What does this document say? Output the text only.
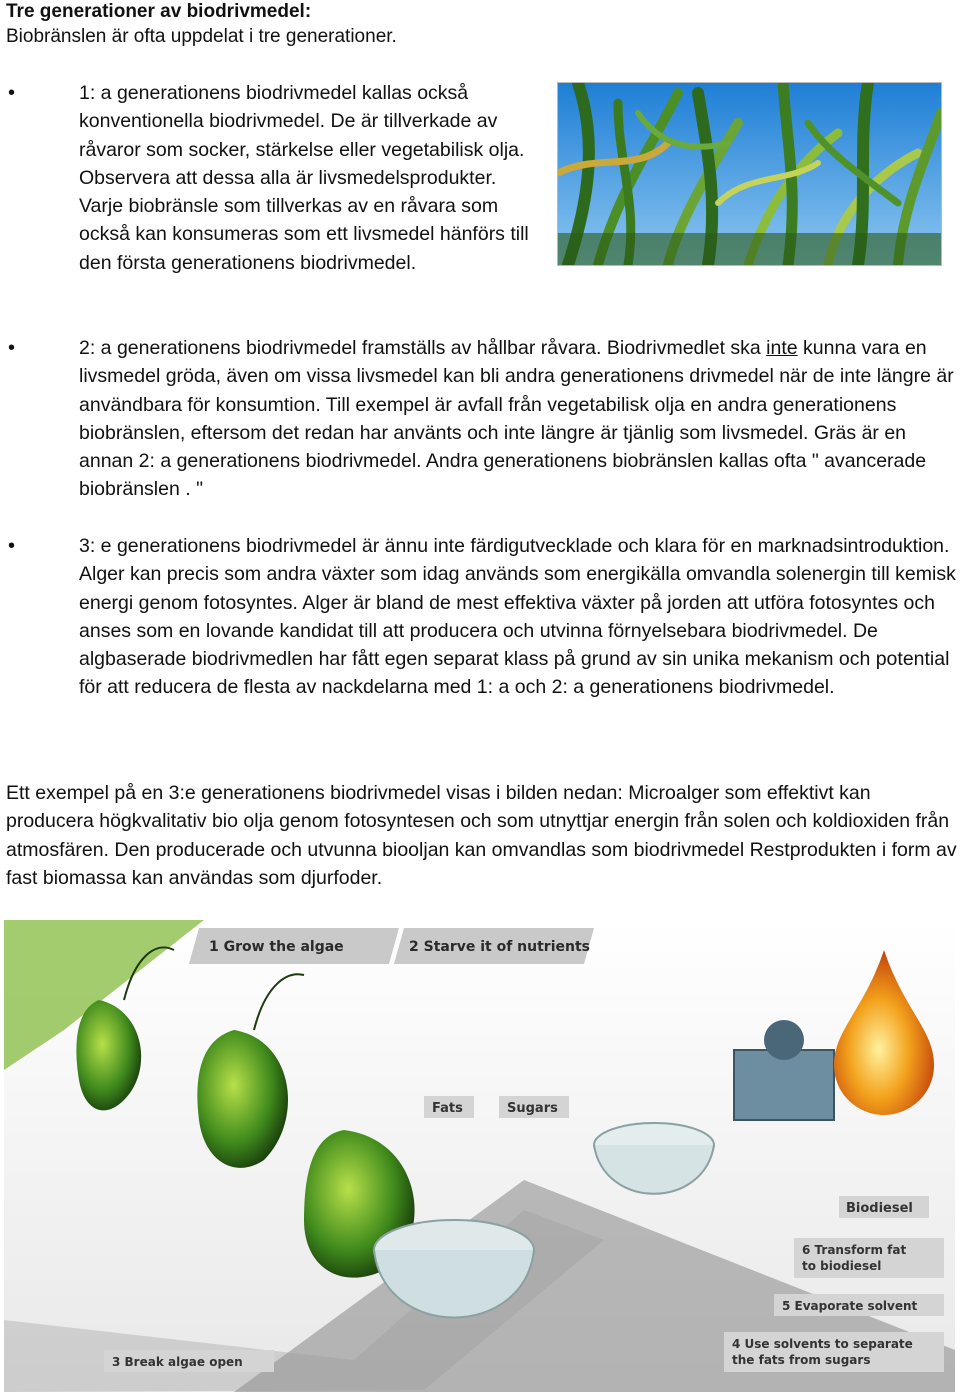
Tre generationer av biodrivmedel:
Biobränslen är ofta uppdelat i tre generationer.
•	1: a generationens biodrivmedel kallas också konventionella biodrivmedel. De är tillverkade av råvaror som socker, stärkelse eller vegetabilisk olja. Observera att dessa alla är livsmedelsprodukter. Varje biobränsle som tillverkas av en råvara som också kan konsumeras som ett livsmedel hänförs till den första generationens biodrivmedel.

•	2: a generationens biodrivmedel framställs av hållbar råvara. Biodrivmedlet ska inte kunna vara en livsmedel gröda, även om vissa livsmedel kan bli andra generationens drivmedel när de inte längre är användbara för konsumtion. Till exempel är avfall från vegetabilisk olja en andra generationens biobränslen, eftersom det redan har använts och inte längre är tjänlig som livsmedel. Gräs är en annan 2: a generationens biodrivmedel. Andra generationens biobränslen kallas ofta " avancerade biobränslen . "

•	3: e generationens biodrivmedel är ännu inte färdigutvecklade och klara för en marknadsintroduktion. Alger kan precis som andra växter som idag används som energikälla omvandla solenergin till kemisk energi genom fotosyntes. Alger är bland de mest effektiva växter på jorden att utföra fotosyntes och anses som en lovande kandidat till att producera och utvinna förnyelsebara biodrivmedel. De algbaserade biodrivmedlen har fått egen separat klass på grund av sin unika mekanism och potential för att reducera de flesta av nackdelarna med 1: a och 2: a generationens biodrivmedel.

Ett exempel på en 3:e generationens biodrivmedel visas i bilden nedan: Microalger som effektivt kan producera högkvalitativ bio olja genom fotosyntesen och som utnyttjar energin från solen och koldioxiden från atmosfären. Den producerade och utvunna biooljan kan omvandlas som biodrivmedel Restprodukten i form av fast biomassa kan användas som djurfoder.

1 Grow the algae	2 Starve it of nutrients
Fats	Sugars
Biodiesel
6 Transform fat
to biodiesel
5 Evaporate solvent
4 Use solvents to separate
the fats from sugars
3 Break algae open
